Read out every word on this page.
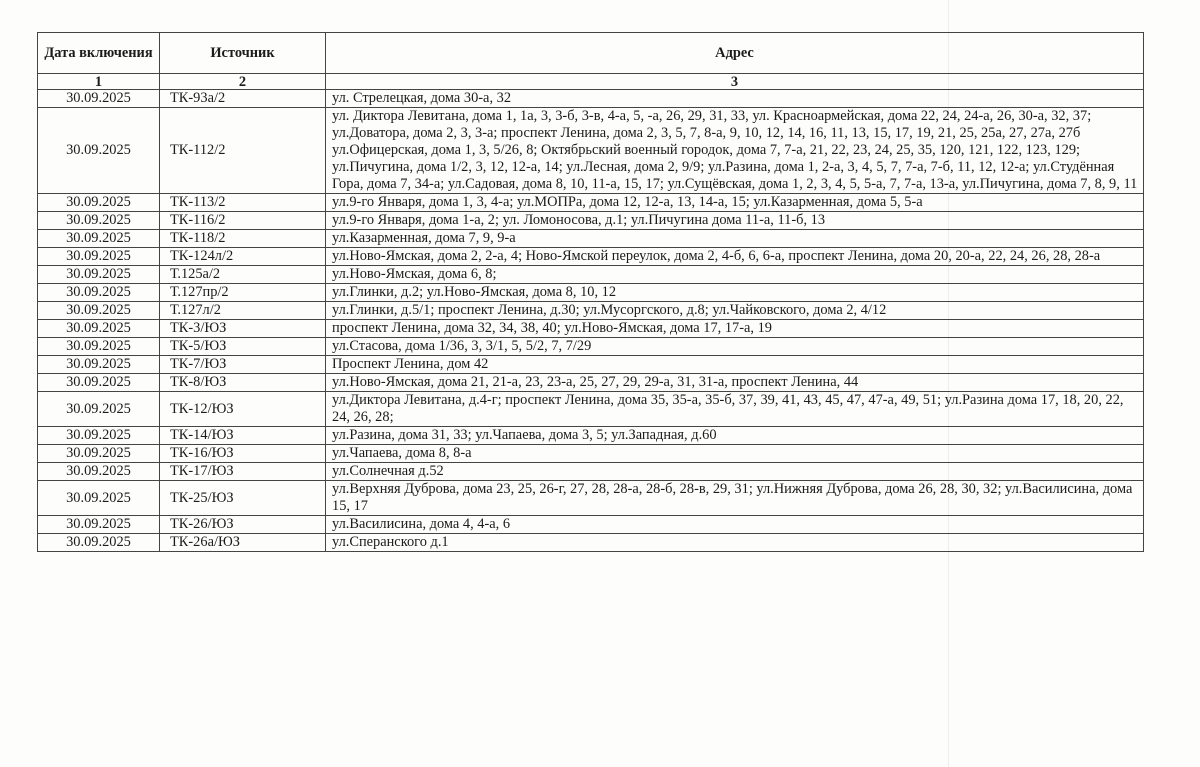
Дата включения	Источник	Адрес
1	2	3
30.09.2025	ТК-93а/2	ул. Стрелецкая, дома 30-а, 32
30.09.2025	ТК-112/2	ул. Диктора Левитана, дома 1, 1а, 3, 3-б, 3-в, 4-а, 5, -а, 26, 29, 31, 33, ул. Красноармейская, дома 22, 24, 24-а, 26, 30-а, 32, 37; ул.Доватора, дома 2, 3, 3-а; проспект Ленина, дома 2, 3, 5, 7, 8-а, 9, 10, 12, 14, 16, 11, 13, 15, 17, 19, 21, 25, 25а, 27, 27а, 27б ул.Офицерская, дома 1, 3, 5/26, 8; Октябрьский военный городок, дома 7, 7-а, 21, 22, 23, 24, 25, 35, 120, 121, 122, 123, 129; ул.Пичугина, дома 1/2, 3, 12, 12-а, 14; ул.Лесная, дома 2, 9/9; ул.Разина, дома 1, 2-а, 3, 4, 5, 7, 7-а, 7-б, 11, 12, 12-а; ул.Студённая Гора, дома 7, 34-а; ул.Садовая, дома 8, 10, 11-а, 15, 17; ул.Сущёвская, дома 1, 2, 3, 4, 5, 5-а, 7, 7-а, 13-а, ул.Пичугина, дома 7, 8, 9, 11
30.09.2025	ТК-113/2	ул.9-го Января, дома 1, 3, 4-а; ул.МОПРа, дома 12, 12-а, 13, 14-а, 15; ул.Казарменная, дома 5, 5-а
30.09.2025	ТК-116/2	ул.9-го Января, дома 1-а, 2; ул. Ломоносова, д.1; ул.Пичугина дома 11-а, 11-б, 13
30.09.2025	ТК-118/2	ул.Казарменная, дома 7, 9, 9-а
30.09.2025	ТК-124л/2	ул.Ново-Ямская, дома 2, 2-а, 4; Ново-Ямской переулок, дома 2, 4-б, 6, 6-а, проспект Ленина, дома 20, 20-а, 22, 24, 26, 28, 28-а
30.09.2025	Т.125а/2	ул.Ново-Ямская, дома 6, 8;
30.09.2025	Т.127пр/2	ул.Глинки, д.2; ул.Ново-Ямская, дома 8, 10, 12
30.09.2025	Т.127л/2	ул.Глинки, д.5/1; проспект Ленина, д.30; ул.Мусоргского, д.8; ул.Чайковского, дома 2, 4/12
30.09.2025	ТК-3/ЮЗ	проспект Ленина, дома 32, 34, 38, 40; ул.Ново-Ямская, дома 17, 17-а, 19
30.09.2025	ТК-5/ЮЗ	ул.Стасова, дома 1/36, 3, 3/1, 5, 5/2, 7, 7/29
30.09.2025	ТК-7/ЮЗ	Проспект Ленина, дом 42
30.09.2025	ТК-8/ЮЗ	ул.Ново-Ямская, дома 21, 21-а, 23, 23-а, 25, 27, 29, 29-а, 31, 31-а, проспект Ленина, 44
30.09.2025	ТК-12/ЮЗ	ул.Диктора Левитана, д.4-г; проспект Ленина, дома 35, 35-а, 35-б, 37, 39, 41, 43, 45, 47, 47-а, 49, 51; ул.Разина дома 17, 18, 20, 22, 24, 26, 28;
30.09.2025	ТК-14/ЮЗ	ул.Разина, дома 31, 33; ул.Чапаева, дома 3, 5; ул.Западная, д.60
30.09.2025	ТК-16/ЮЗ	ул.Чапаева, дома 8, 8-а
30.09.2025	ТК-17/ЮЗ	ул.Солнечная д.52
30.09.2025	ТК-25/ЮЗ	ул.Верхняя Дуброва, дома 23, 25, 26-г, 27, 28, 28-а, 28-б, 28-в, 29, 31; ул.Нижняя Дуброва, дома 26, 28, 30, 32; ул.Василисина, дома 15, 17
30.09.2025	ТК-26/ЮЗ	ул.Василисина, дома 4, 4-а, 6
30.09.2025	ТК-26а/ЮЗ	ул.Сперанского д.1
